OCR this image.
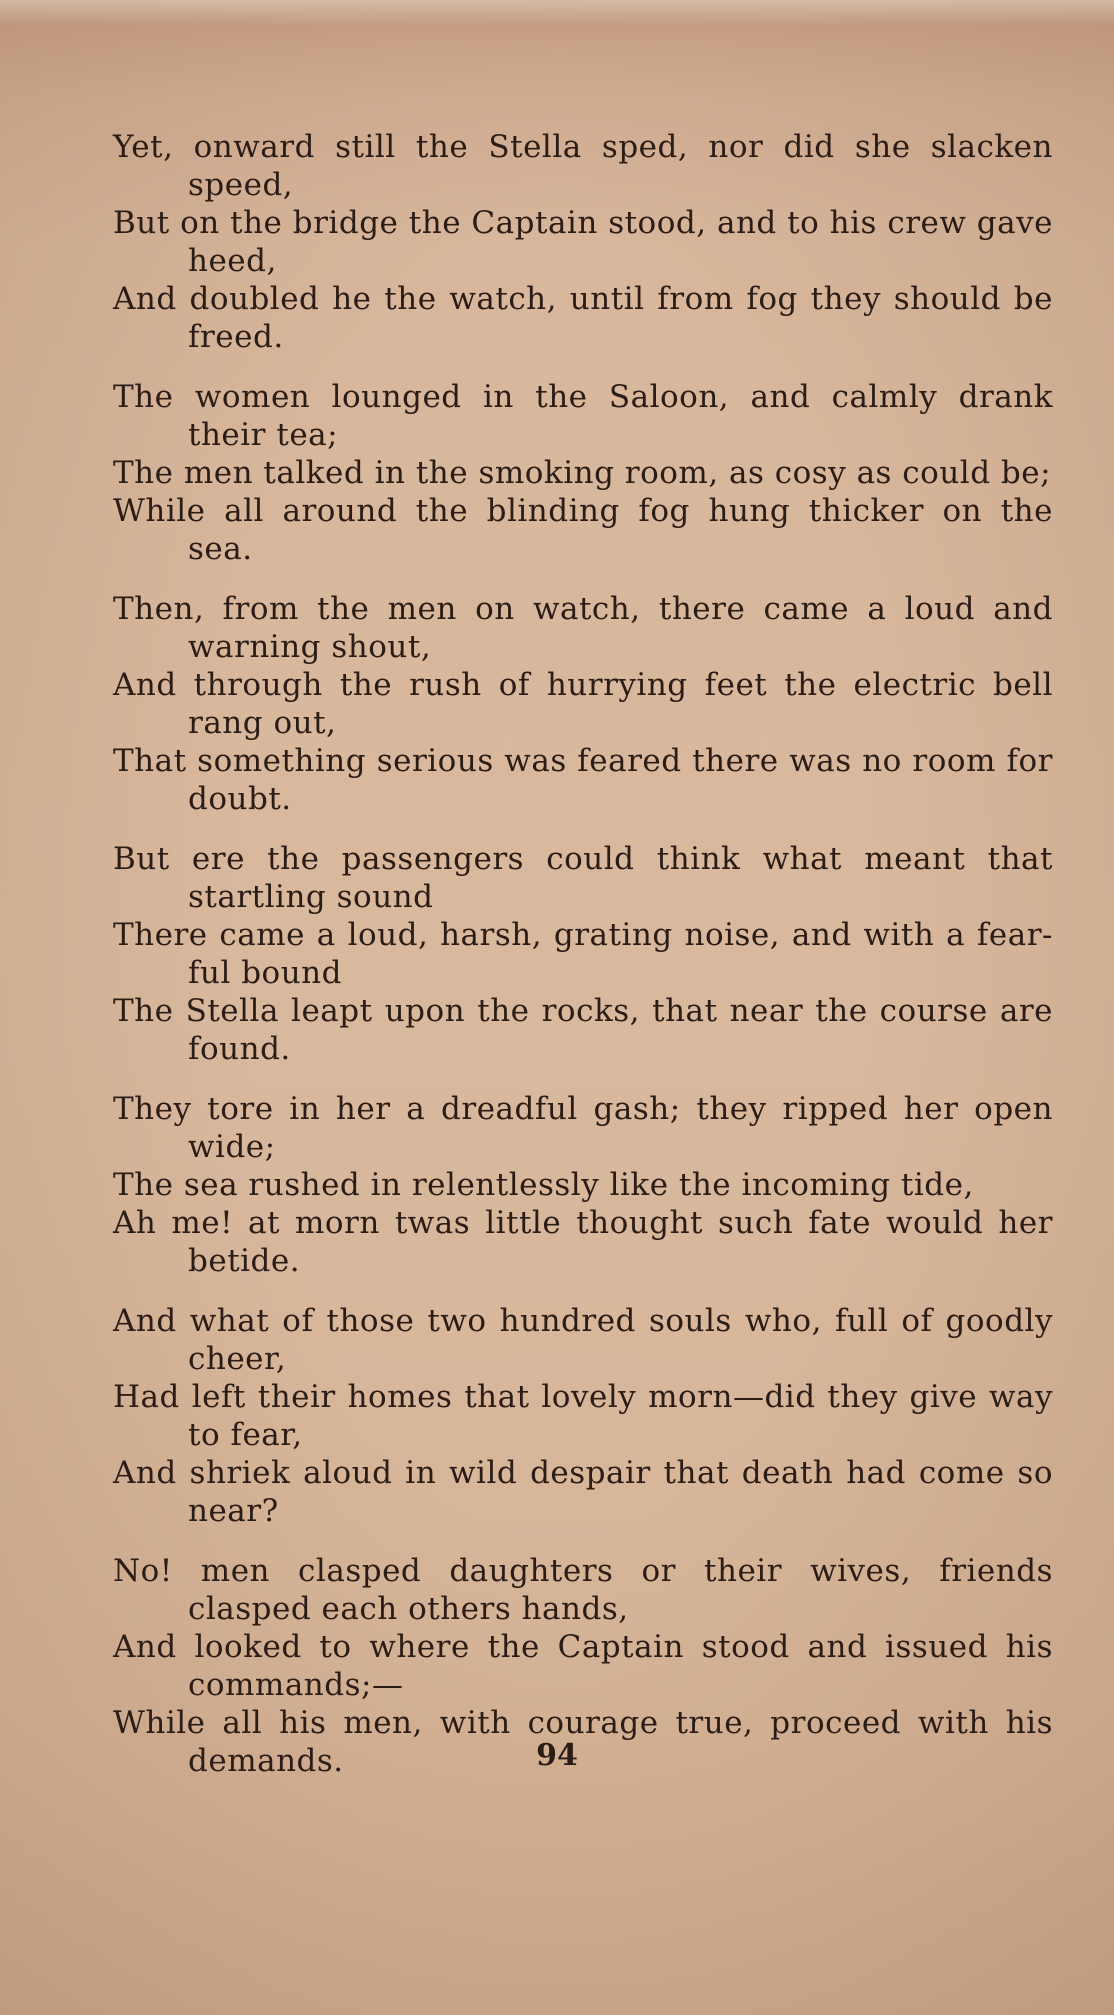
Yet, onward still the Stella sped, nor did she slacken speed,

But on the bridge the Captain stood, and to his crew gave heed,

And doubled he the watch, until from fog they should be freed.

The women lounged in the Saloon, and calmly drank their tea;

The men talked in the smoking room, as cosy as could be;

While all around the blinding fog hung thicker on the sea.

Then, from the men on watch, there came a loud and warning shout,

And through the rush of hurrying feet the electric bell rang out,

That something serious was feared there was no room for doubt.

But ere the passengers could think what meant that startling sound

There came a loud, harsh, grating noise, and with a fear-ful bound

The Stella leapt upon the rocks, that near the course are found.

They tore in her a dreadful gash; they ripped her open wide;

The sea rushed in relentlessly like the incoming tide,

Ah me! at morn twas little thought such fate would her betide.

And what of those two hundred souls who, full of goodly cheer,

Had left their homes that lovely morn—did they give way to fear,

And shriek aloud in wild despair that death had come so near?

No! men clasped daughters or their wives, friends clasped each others hands,

And looked to where the Captain stood and issued his commands;—

While all his men, with courage true, proceed with his demands.	94
